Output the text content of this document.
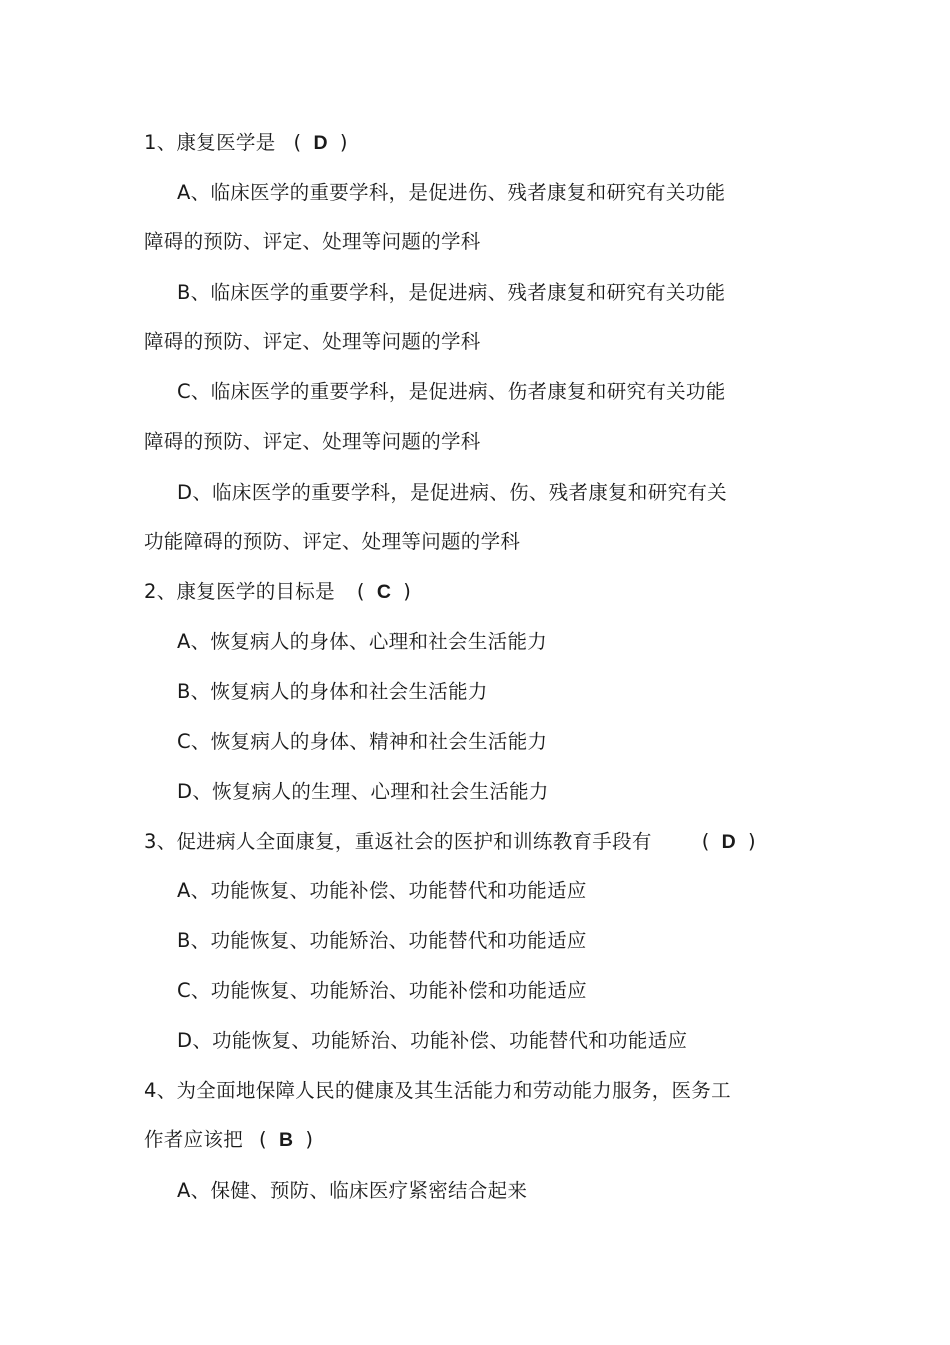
1、康复医学是 ( D )
A、临床医学的重要学科，是促进伤、残者康复和研究有关功能
障碍的预防、评定、处理等问题的学科
B、临床医学的重要学科，是促进病、残者康复和研究有关功能
障碍的预防、评定、处理等问题的学科
C、临床医学的重要学科，是促进病、伤者康复和研究有关功能
障碍的预防、评定、处理等问题的学科
D、临床医学的重要学科，是促进病、伤、残者康复和研究有关
功能障碍的预防、评定、处理等问题的学科
2、康复医学的目标是 ( C )
A、恢复病人的身体、心理和社会生活能力
B、恢复病人的身体和社会生活能力
C、恢复病人的身体、精神和社会生活能力
D、恢复病人的生理、心理和社会生活能力
3、促进病人全面康复，重返社会的医护和训练教育手段有	( D )
A、功能恢复、功能补偿、功能替代和功能适应
B、功能恢复、功能矫治、功能替代和功能适应
C、功能恢复、功能矫治、功能补偿和功能适应
D、功能恢复、功能矫治、功能补偿、功能替代和功能适应
4、为全面地保障人民的健康及其生活能力和劳动能力服务，医务工
作者应该把 ( B )
A、保健、预防、临床医疗紧密结合起来
